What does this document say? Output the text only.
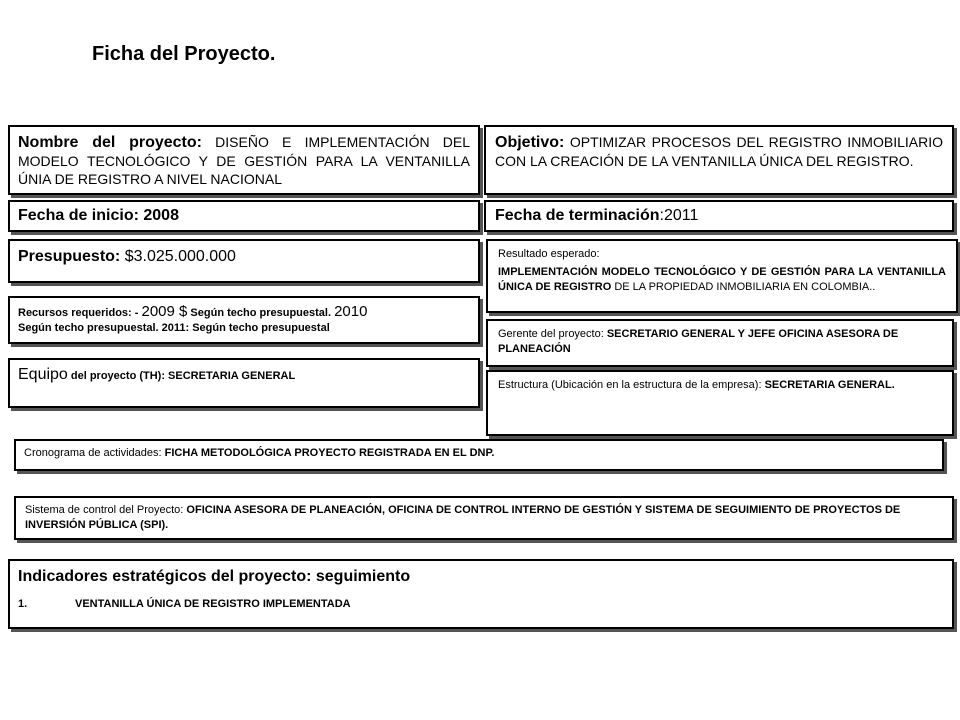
Ficha del Proyecto.
Nombre del proyecto: DISEÑO E IMPLEMENTACIÓN DEL MODELO TECNOLÓGICO Y DE GESTIÓN PARA LA VENTANILLA ÚNIA DE REGISTRO A NIVEL NACIONAL
Objetivo: OPTIMIZAR PROCESOS DEL REGISTRO INMOBILIARIO CON LA CREACIÓN DE LA VENTANILLA ÚNICA DEL REGISTRO.
Fecha de inicio: 2008	Fecha de terminación:2011
Presupuesto: $3.025.000.000	Resultado esperado:
IMPLEMENTACIÓN MODELO TECNOLÓGICO Y DE GESTIÓN PARA LA VENTANILLA ÚNICA DE REGISTRO DE LA PROPIEDAD INMOBILIARIA EN COLOMBIA..
Recursos requeridos: - 2009 $ Según techo presupuestal. 2010
Según techo presupuestal. 2011: Según techo presupuestal	Gerente del proyecto: SECRETARIO GENERAL Y JEFE OFICINA ASESORA DE PLANEACIÓN
Equipo del proyecto (TH): SECRETARIA GENERAL
Estructura (Ubicación en la estructura de la empresa): SECRETARIA GENERAL.
Cronograma de actividades: FICHA METODOLÓGICA PROYECTO REGISTRADA EN EL DNP.
Sistema de control del Proyecto: OFICINA ASESORA DE PLANEACIÓN, OFICINA DE CONTROL INTERNO DE GESTIÓN Y SISTEMA DE SEGUIMIENTO DE PROYECTOS DE INVERSIÓN PÚBLICA (SPI).
Indicadores estratégicos del proyecto: seguimiento
1.	VENTANILLA ÚNICA DE REGISTRO IMPLEMENTADA
